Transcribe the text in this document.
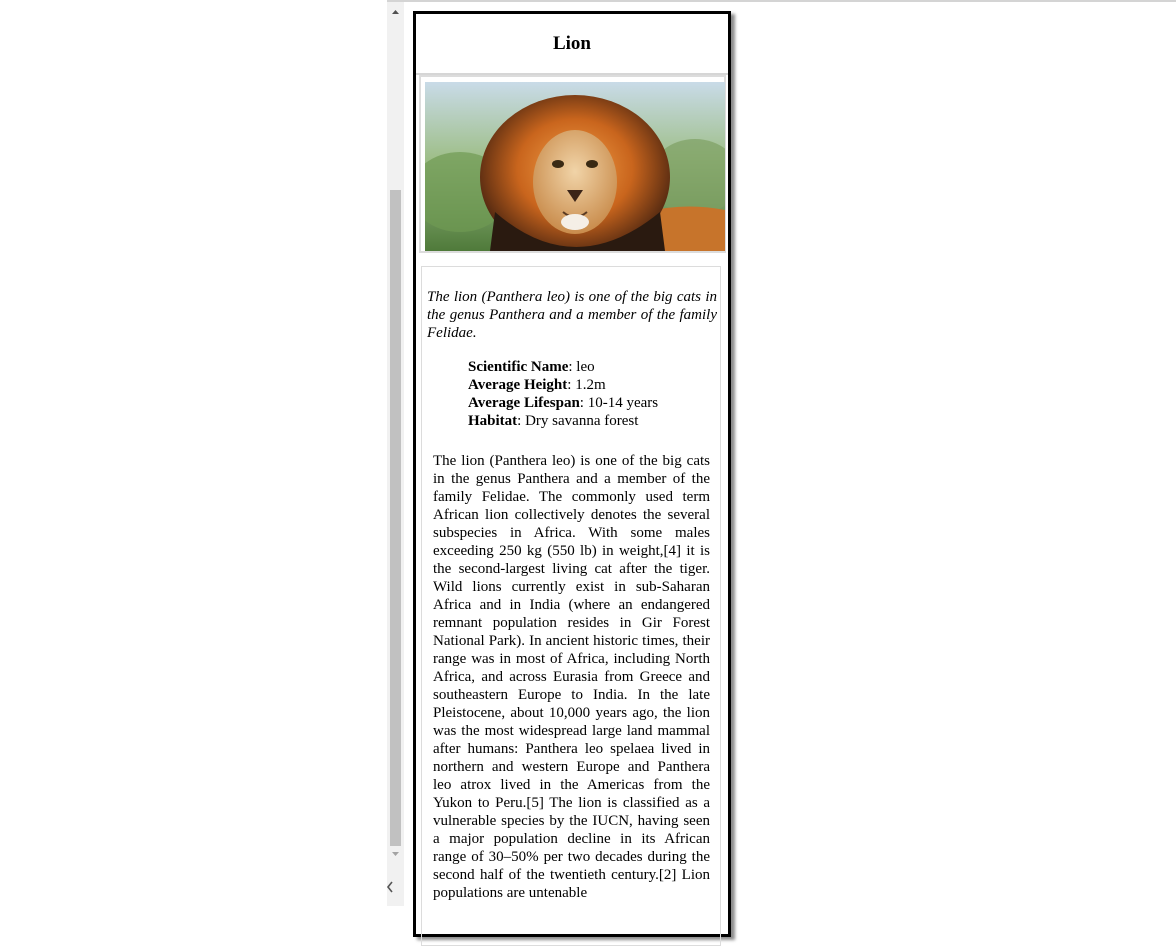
Lion

The lion (Panthera leo) is one of the big cats in the genus Panthera and a member of the family Felidae.

Scientific Name: leo
Average Height: 1.2m
Average Lifespan: 10-14 years
Habitat: Dry savanna forest

The lion (Panthera leo) is one of the big cats in the genus Panthera and a member of the family Felidae. The commonly used term African lion collectively denotes the several subspecies in Africa. With some males exceeding 250 kg (550 lb) in weight,[4] it is the second-largest living cat after the tiger. Wild lions currently exist in sub-Saharan Africa and in India (where an endangered remnant population resides in Gir Forest National Park). In ancient historic times, their range was in most of Africa, including North Africa, and across Eurasia from Greece and southeastern Europe to India. In the late Pleistocene, about 10,000 years ago, the lion was the most widespread large land mammal after humans: Panthera leo spelaea lived in northern and western Europe and Panthera leo atrox lived in the Americas from the Yukon to Peru.[5] The lion is classified as a vulnerable species by the IUCN, having seen a major population decline in its African range of 30–50% per two decades during the second half of the twentieth century.[2] Lion populations are untenable
